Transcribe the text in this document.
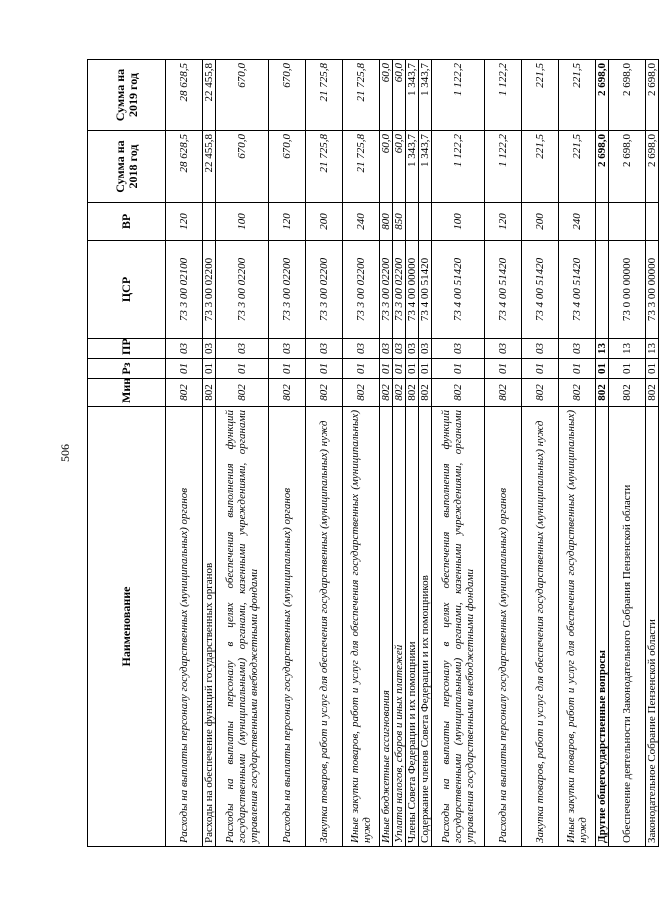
506
Наименование	Мин	Рз	ПР	ЦСР	ВР	Сумма на 2018 год	Сумма на 2019 год
Расходы на выплаты персоналу государственных (муниципальных) органов	802	01	03	73 3 00 02100	120	28 628,5	28 628,5
Расходы на обеспечение функций государственных органов	802	01	03	73 3 00 02200		22 455,8	22 455,8
Расходы на выплаты персоналу в целях обеспечения выполнения функций государственными (муниципальными) органами, казенными учреждениями, органами управления государственными внебюджетными фондами	802	01	03	73 3 00 02200	100	670,0	670,0
Расходы на выплаты персоналу государственных (муниципальных) органов	802	01	03	73 3 00 02200	120	670,0	670,0
Закупка товаров, работ и услуг для обеспечения государственных (муниципальных) нужд	802	01	03	73 3 00 02200	200	21 725,8	21 725,8
Иные закупки товаров, работ и услуг для обеспечения государственных (муниципальных) нужд	802	01	03	73 3 00 02200	240	21 725,8	21 725,8
Иные бюджетные ассигнования	802	01	03	73 3 00 02200	800	60,0	60,0
Уплата налогов, сборов и иных платежей	802	01	03	73 3 00 02200	850	60,0	60,0
Члены Совета Федерации и их помощники	802	01	03	73 4 00 00000		1 343,7	1 343,7
Содержание членов Совета Федерации и их помощников	802	01	03	73 4 00 51420		1 343,7	1 343,7
Расходы на выплаты персоналу в целях обеспечения выполнения функций государственными (муниципальными) органами, казенными учреждениями, органами управления государственными внебюджетными фондами	802	01	03	73 4 00 51420	100	1 122,2	1 122,2
Расходы на выплаты персоналу государственных (муниципальных) органов	802	01	03	73 4 00 51420	120	1 122,2	1 122,2
Закупка товаров, работ и услуг для обеспечения государственных (муниципальных) нужд	802	01	03	73 4 00 51420	200	221,5	221,5
Иные закупки товаров, работ и услуг для обеспечения государственных (муниципальных) нужд	802	01	03	73 4 00 51420	240	221,5	221,5
Другие общегосударственные вопросы	802	01	13			2 698,0	2 698,0
Обеспечение деятельности Законодательного Собрания Пензенской области	802	01	13	73 0 00 00000		2 698,0	2 698,0
Законодательное Собрание Пензенской области	802	01	13	73 3 00 00000		2 698,0	2 698,0
